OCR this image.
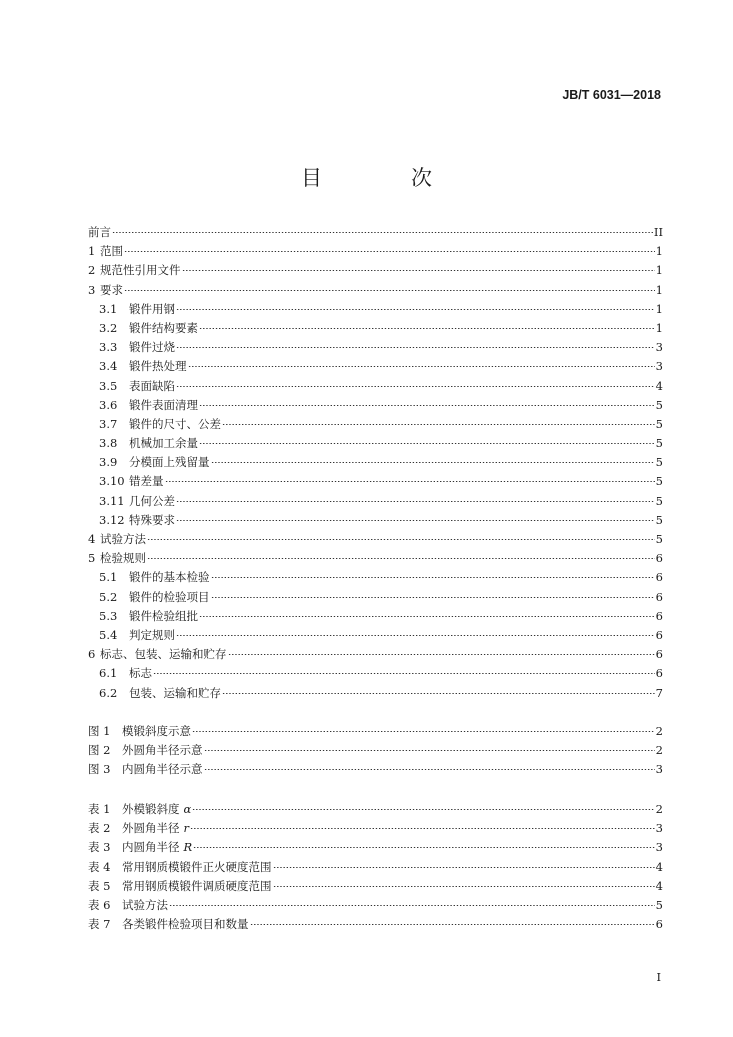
JB/T 6031—2018
目　次
前言	II
1 范围	1
2 规范性引用文件	1
3 要求	1
3.1	锻件用钢	1
3.2	锻件结构要素	1
3.3	锻件过烧	3
3.4	锻件热处理	3
3.5	表面缺陷	4
3.6	锻件表面清理	5
3.7	锻件的尺寸、公差	5
3.8	机械加工余量	5
3.9	分模面上残留量	5
3.10 错差量	5
3.11 几何公差	5
3.12 特殊要求	5
4 试验方法	5
5 检验规则	6
5.1	锻件的基本检验	6
5.2	锻件的检验项目	6
5.3	锻件检验组批	6
5.4	判定规则	6
6 标志、包装、运输和贮存	6
6.1	标志	6
6.2	包装、运输和贮存	7
图 1	模锻斜度示意	2
图 2	外圆角半径示意	2
图 3	内圆角半径示意	3
表 1	外模锻斜度 α	2
表 2	外圆角半径 r	3
表 3	内圆角半径 R	3
表 4	常用钢质模锻件正火硬度范围	4
表 5	常用钢质模锻件调质硬度范围	4
表 6	试验方法	5
表 7	各类锻件检验项目和数量	6
I
